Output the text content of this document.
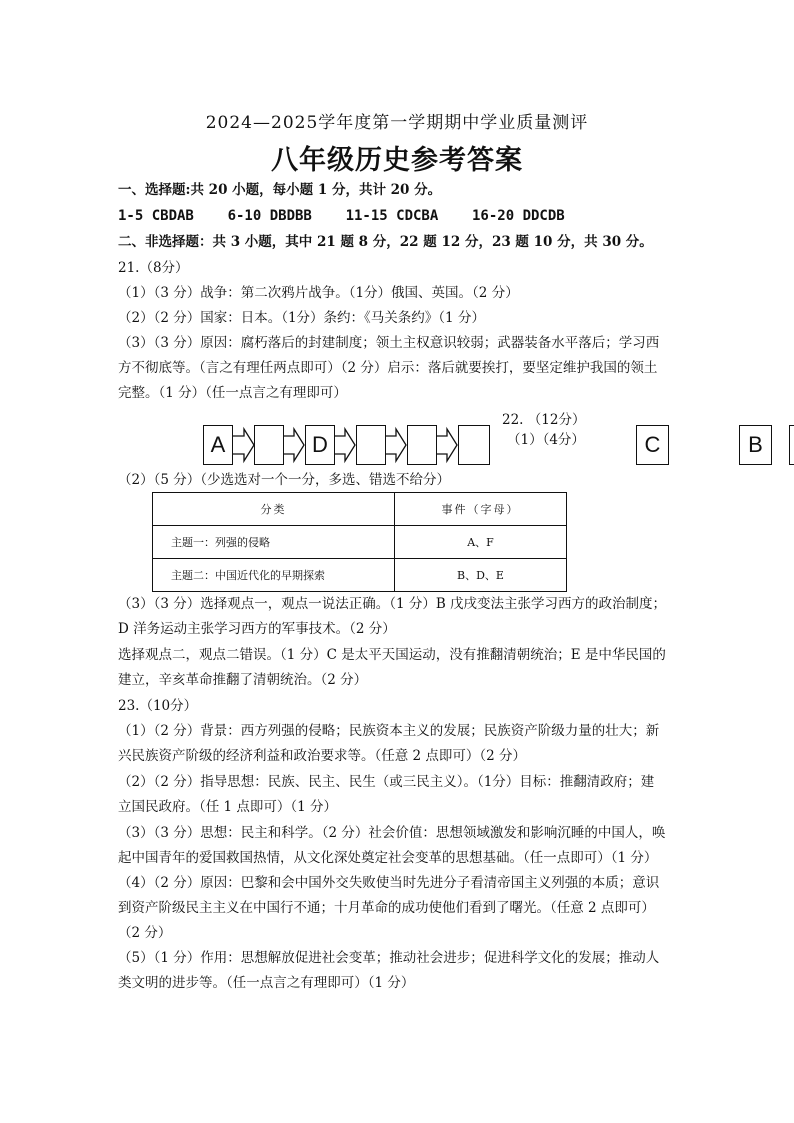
2024—2025学年度第一学期期中学业质量测评
八年级历史参考答案
一、选择题:共 20 小题，每小题 1 分，共计 20 分。
1-5 CBDAB    6-10 DBDBB    11-15 CDCBA    16-20 DDCDB
二、非选择题：共 3 小题，其中 21 题 8 分，22 题 12 分，23 题 10 分，共 30 分。
21.（8分）
（1）（3 分）战争：第二次鸦片战争。（1分）俄国、英国。（2 分）
（2）（2 分）国家：日本。（1分）条约：《马关条约》（1 分）
（3）（3 分）原因：腐朽落后的封建制度；领土主权意识较弱；武器装备水平落后；学习西
方不彻底等。（言之有理任两点即可）（2 分）启示：落后就要挨打，要坚定维护我国的领土
完整。（1 分）（任一点言之有理即可）
22. （12分）
（1）（4分）
A	D	C	B
（2）（5 分）（少选选对一个一分，多选、错选不给分）
分类	事件（字母）
主题一：列强的侵略	A、F
主题二：中国近代化的早期探索	B、D、E
（3）（3 分）选择观点一，观点一说法正确。（1 分）B 戊戌变法主张学习西方的政治制度；
D 洋务运动主张学习西方的军事技术。（2 分）
选择观点二，观点二错误。（1 分）C 是太平天国运动，没有推翻清朝统治；E 是中华民国的
建立，辛亥革命推翻了清朝统治。（2 分）
23.（10分）
（1）（2 分）背景：西方列强的侵略；民族资本主义的发展；民族资产阶级力量的壮大；新
兴民族资产阶级的经济利益和政治要求等。（任意 2 点即可）（2 分）
（2）（2 分）指导思想：民族、民主、民生（或三民主义）。（1分）目标：推翻清政府；建
立国民政府。（任 1 点即可）（1 分）
（3）（3 分）思想：民主和科学。（2 分）社会价值：思想领域激发和影响沉睡的中国人，唤
起中国青年的爱国救国热情，从文化深处奠定社会变革的思想基础。（任一点即可）（1 分）
（4）（2 分）原因：巴黎和会中国外交失败使当时先进分子看清帝国主义列强的本质；意识
到资产阶级民主主义在中国行不通；十月革命的成功使他们看到了曙光。（任意 2 点即可）
（2 分）
（5）（1 分）作用：思想解放促进社会变革；推动社会进步；促进科学文化的发展；推动人
类文明的进步等。（任一点言之有理即可）（1 分）
